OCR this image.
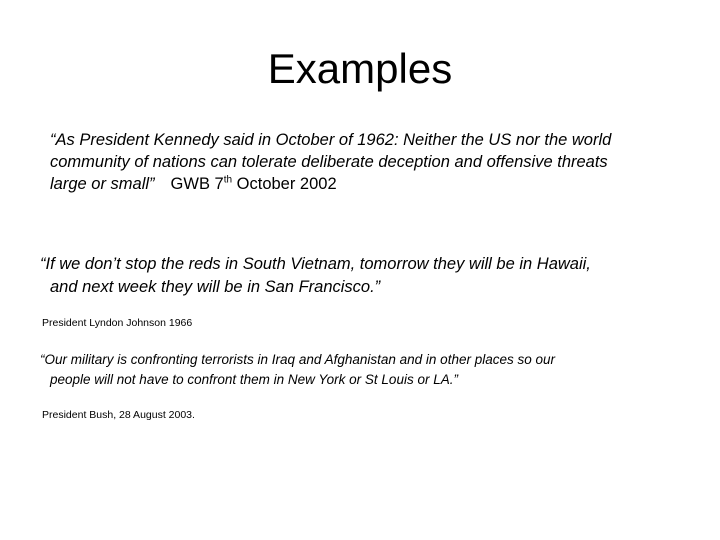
Examples
“As President Kennedy said in October of 1962: Neither the US nor the world
community of nations can tolerate deliberate deception and offensive threats
large or small” GWB 7th October 2002
“If we don’t stop the reds in South Vietnam, tomorrow they will be in Hawaii,
and next week they will be in San Francisco.”

President Lyndon Johnson 1966

“Our military is confronting terrorists in Iraq and Afghanistan and in other places so our
people will not have to confront them in New York or St Louis or LA.”

President Bush, 28 August 2003.
